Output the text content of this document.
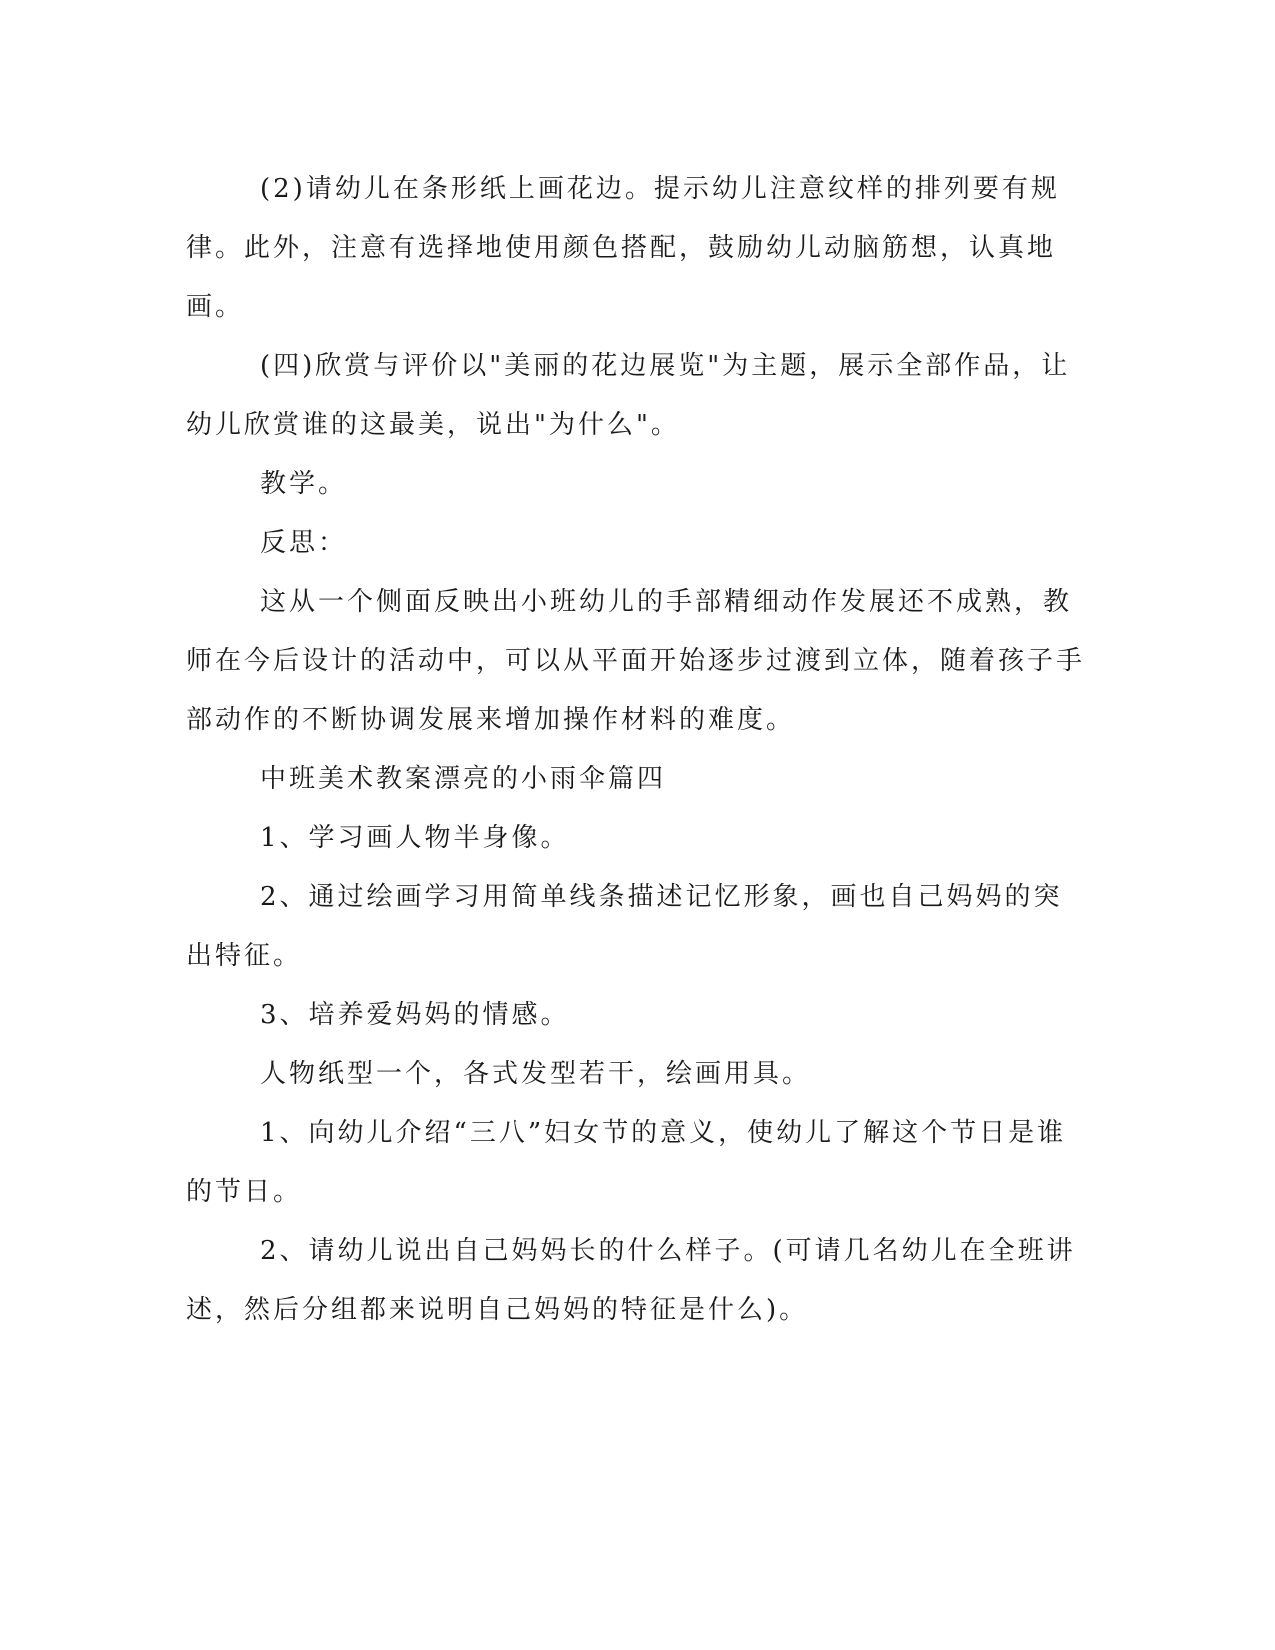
(2)请幼儿在条形纸上画花边。提示幼儿注意纹样的排列要有规律。此外，注意有选择地使用颜色搭配，鼓励幼儿动脑筋想，认真地画。

(四)欣赏与评价以"美丽的花边展览"为主题，展示全部作品，让幼儿欣赏谁的这最美，说出"为什么"。

教学。

反思：

这从一个侧面反映出小班幼儿的手部精细动作发展还不成熟，教师在今后设计的活动中，可以从平面开始逐步过渡到立体，随着孩子手部动作的不断协调发展来增加操作材料的难度。

中班美术教案漂亮的小雨伞篇四

1、学习画人物半身像。

2、通过绘画学习用简单线条描述记忆形象，画也自己妈妈的突出特征。

3、培养爱妈妈的情感。

人物纸型一个，各式发型若干，绘画用具。

1、向幼儿介绍“三八”妇女节的意义，使幼儿了解这个节日是谁的节日。

2、请幼儿说出自己妈妈长的什么样子。(可请几名幼儿在全班讲述，然后分组都来说明自己妈妈的特征是什么)。
